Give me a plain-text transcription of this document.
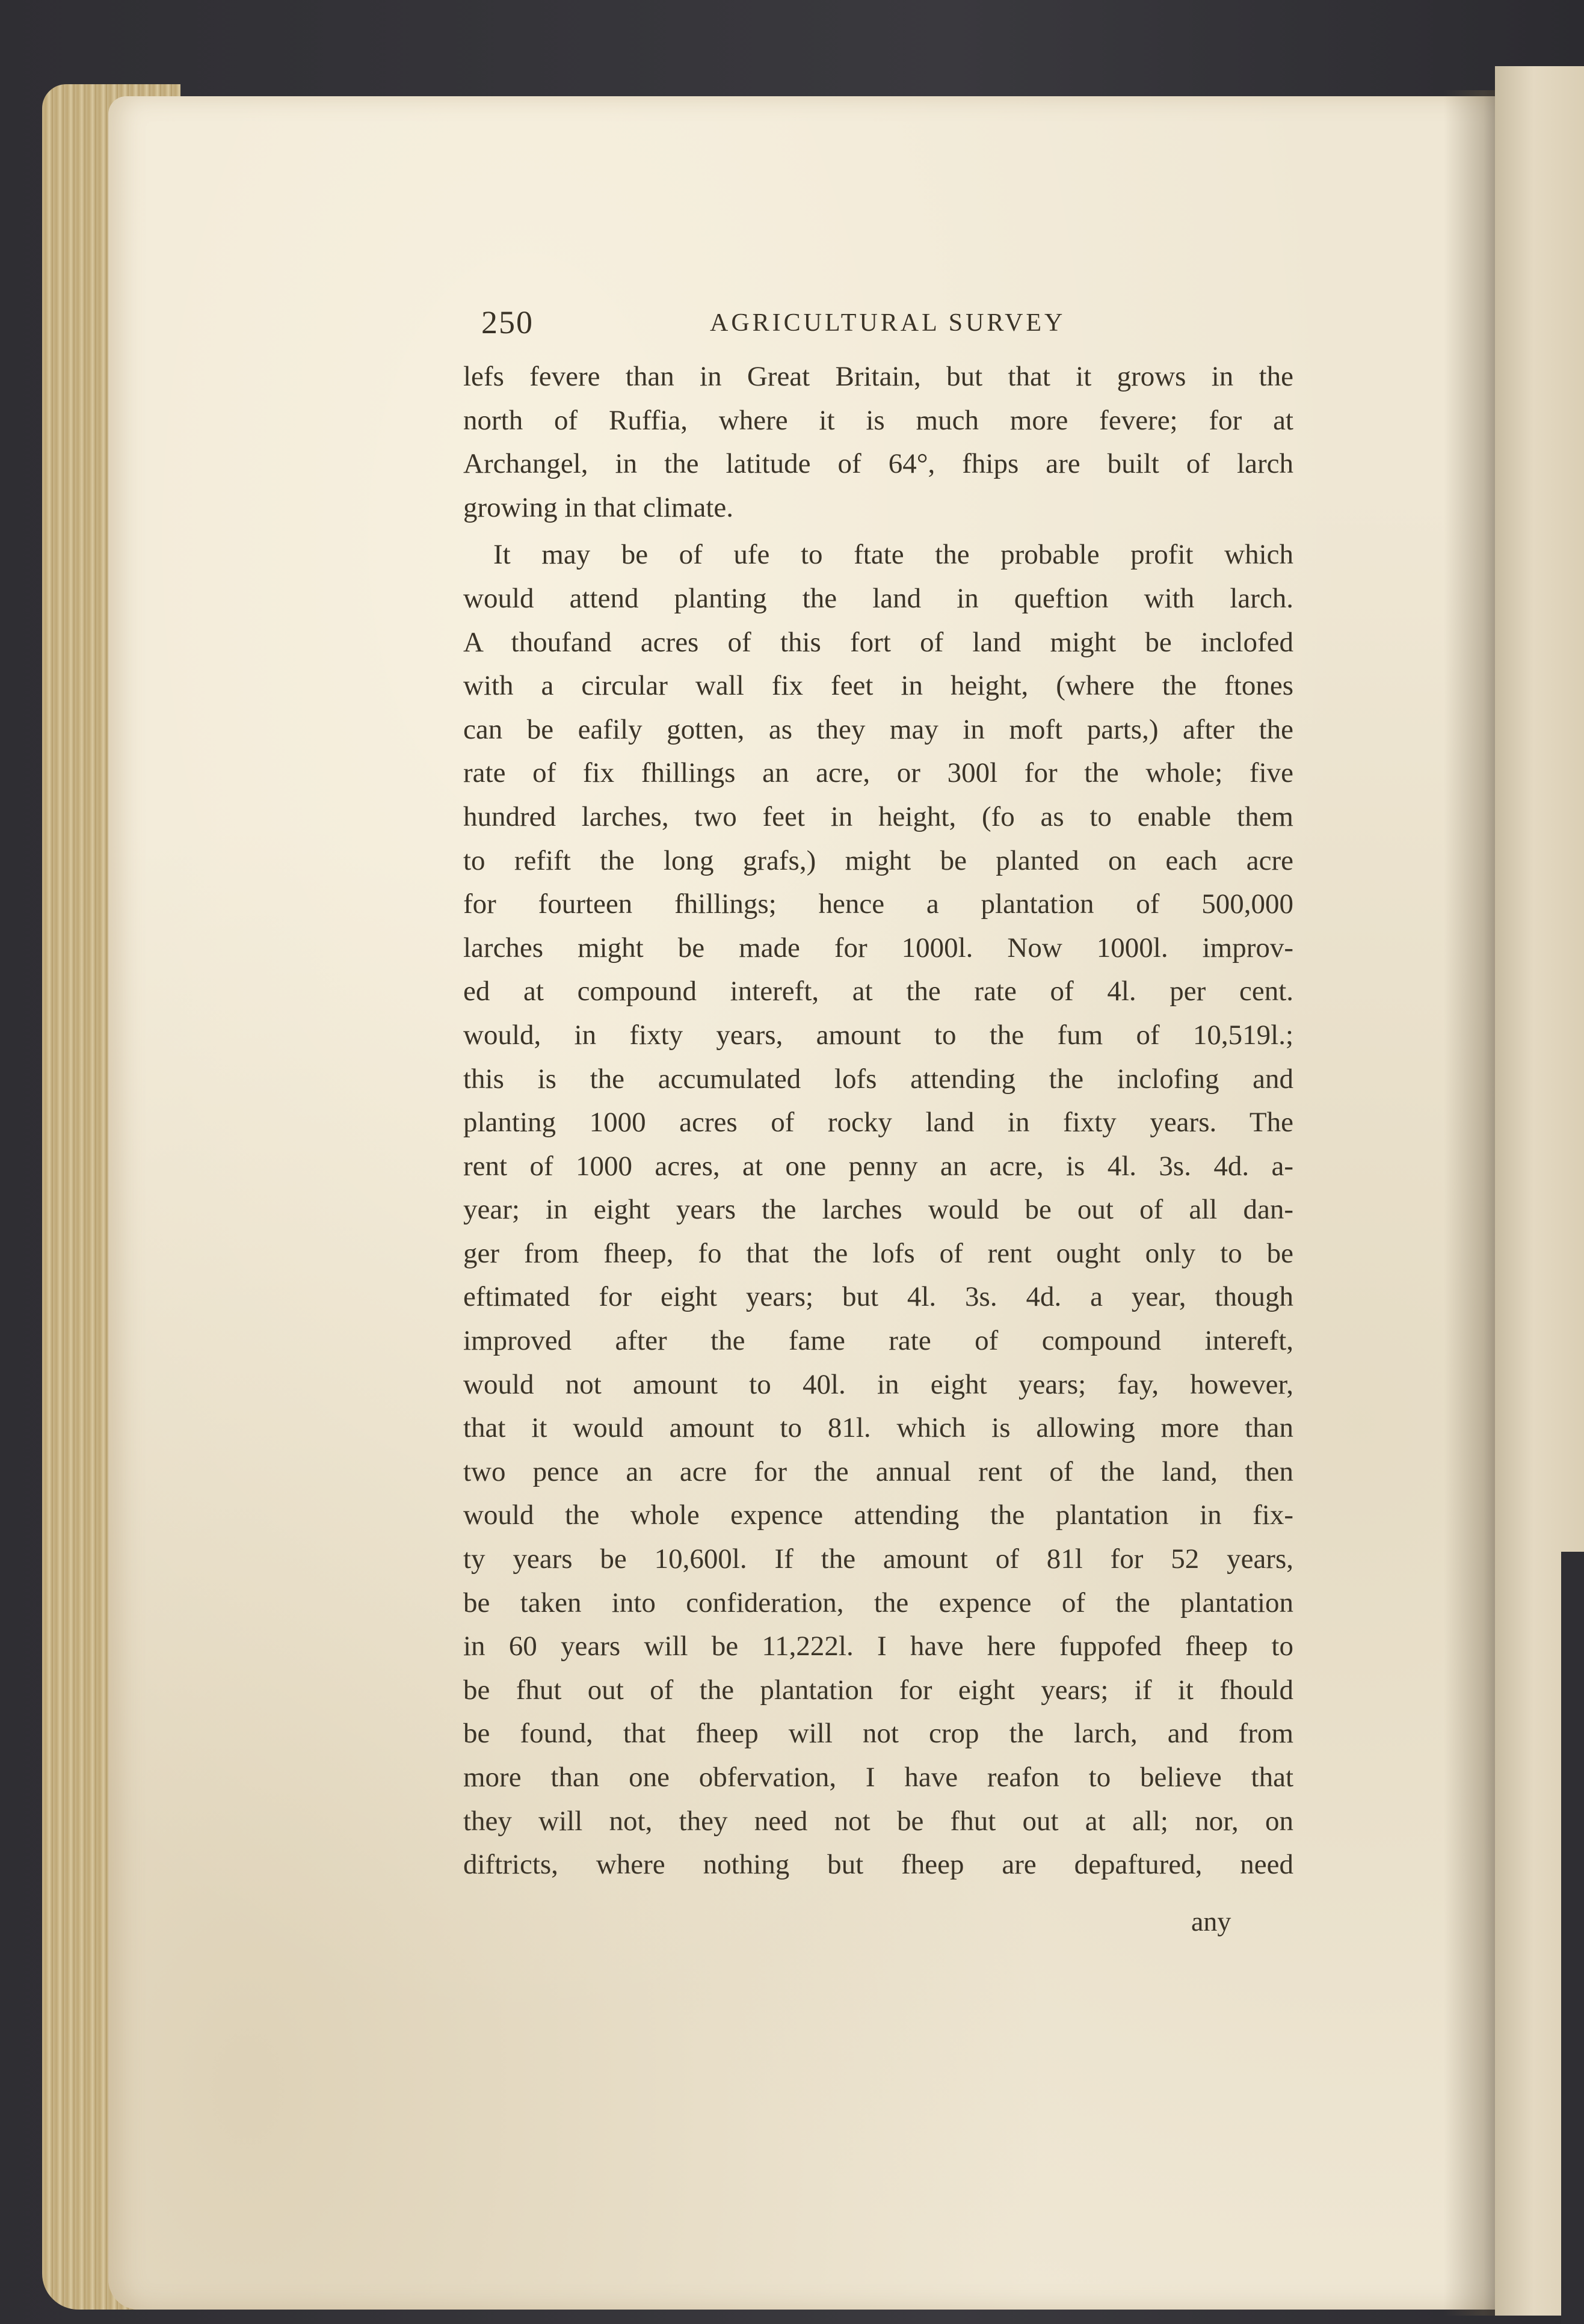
250	AGRICULTURAL SURVEY
lefs fevere than in Great Britain, but that it grows in the
north of Ruffia, where it is much more fevere; for at
Archangel, in the latitude of 64°, fhips are built of larch
growing in that climate.
It may be of ufe to ftate the probable profit which
would attend planting the land in queftion with larch.
A thoufand acres of this fort of land might be inclofed
with a circular wall fix feet in height, (where the ftones
can be eafily gotten, as they may in moft parts,) after the
rate of fix fhillings an acre, or 300l for the whole; five
hundred larches, two feet in height, (fo as to enable them
to refift the long grafs,) might be planted on each acre
for fourteen fhillings; hence a plantation of 500,000
larches might be made for 1000l. Now 1000l. improv-
ed at compound intereft, at the rate of 4l. per cent.
would, in fixty years, amount to the fum of 10,519l.;
this is the accumulated lofs attending the inclofing and
planting 1000 acres of rocky land in fixty years. The
rent of 1000 acres, at one penny an acre, is 4l. 3s. 4d. a-
year; in eight years the larches would be out of all dan-
ger from fheep, fo that the lofs of rent ought only to be
eftimated for eight years; but 4l. 3s. 4d. a year, though
improved after the fame rate of compound intereft,
would not amount to 40l. in eight years; fay, however,
that it would amount to 81l. which is allowing more than
two pence an acre for the annual rent of the land, then
would the whole expence attending the plantation in fix-
ty years be 10,600l. If the amount of 81l for 52 years,
be taken into confideration, the expence of the plantation
in 60 years will be 11,222l. I have here fuppofed fheep to
be fhut out of the plantation for eight years; if it fhould
be found, that fheep will not crop the larch, and from
more than one obfervation, I have reafon to believe that
they will not, they need not be fhut out at all; nor, on
diftricts, where nothing but fheep are depaftured, need
any
